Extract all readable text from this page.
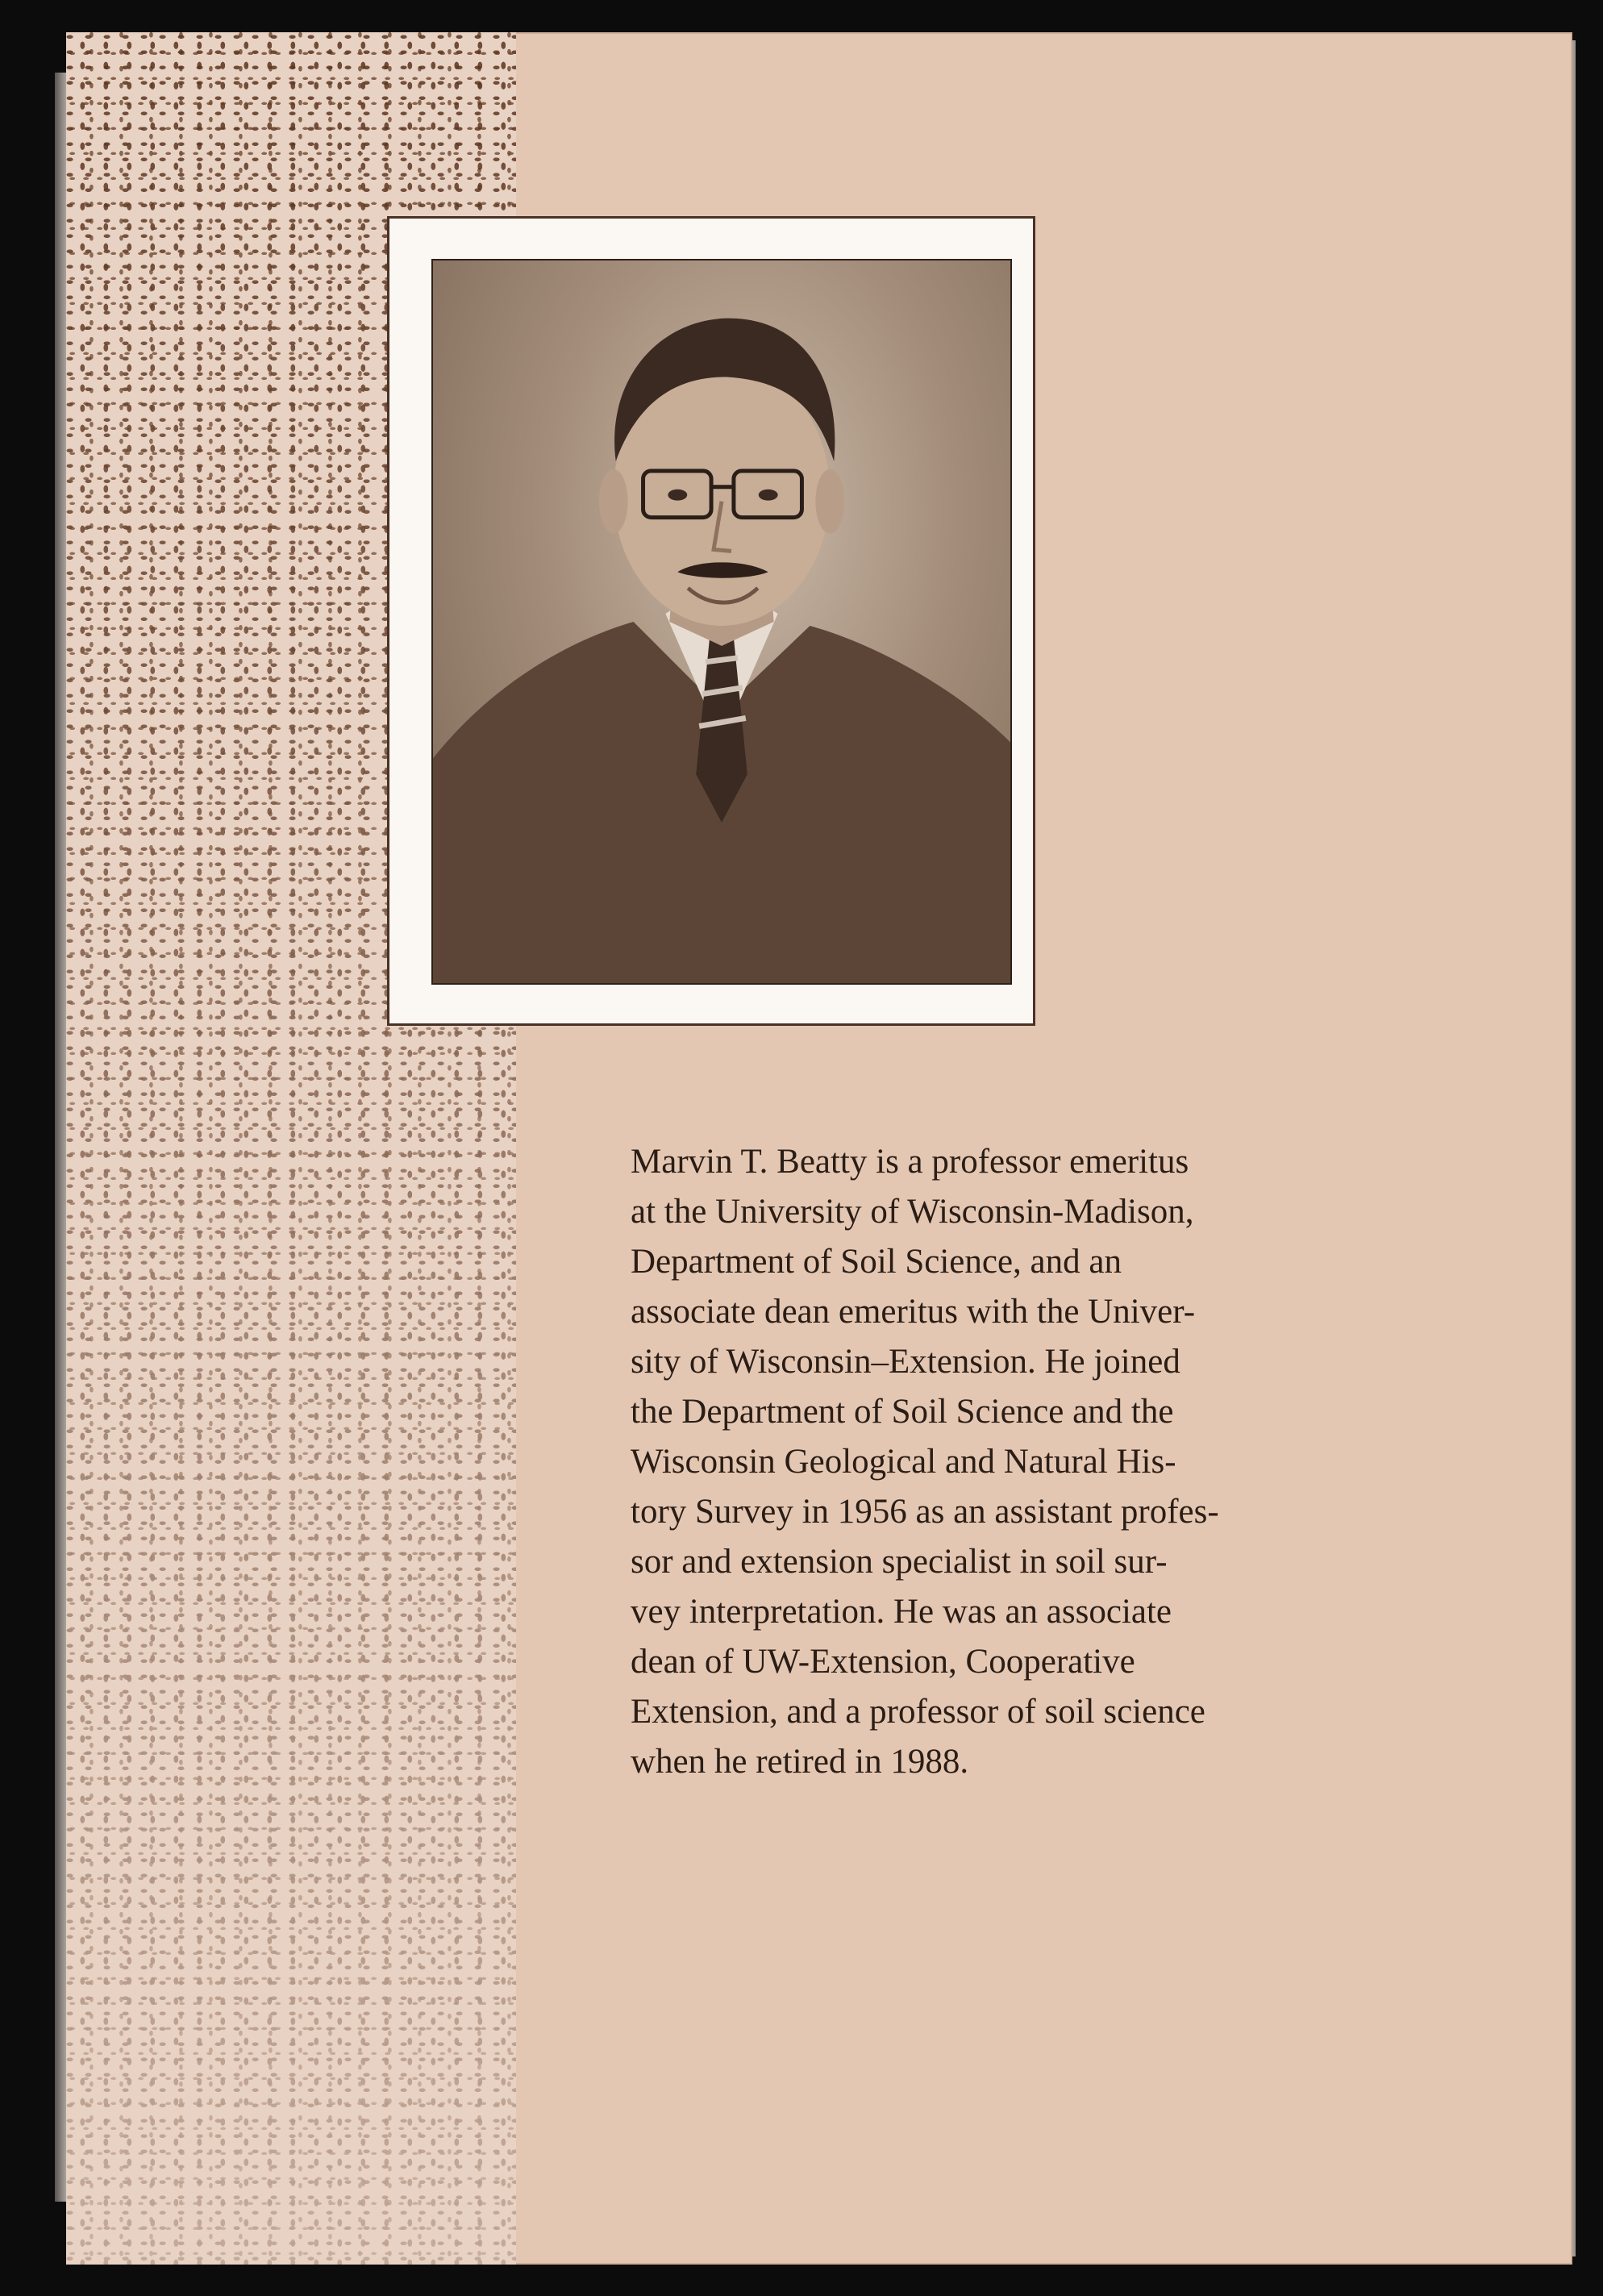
Marvin T. Beatty is a professor emeritus
at the University of Wisconsin-Madison,
Department of Soil Science, and an
associate dean emeritus with the Univer-
sity of Wisconsin–Extension. He joined
the Department of Soil Science and the
Wisconsin Geological and Natural His-
tory Survey in 1956 as an assistant profes-
sor and extension specialist in soil sur-
vey interpretation. He was an associate
dean of UW-Extension, Cooperative
Extension, and a professor of soil science
when he retired in 1988.
